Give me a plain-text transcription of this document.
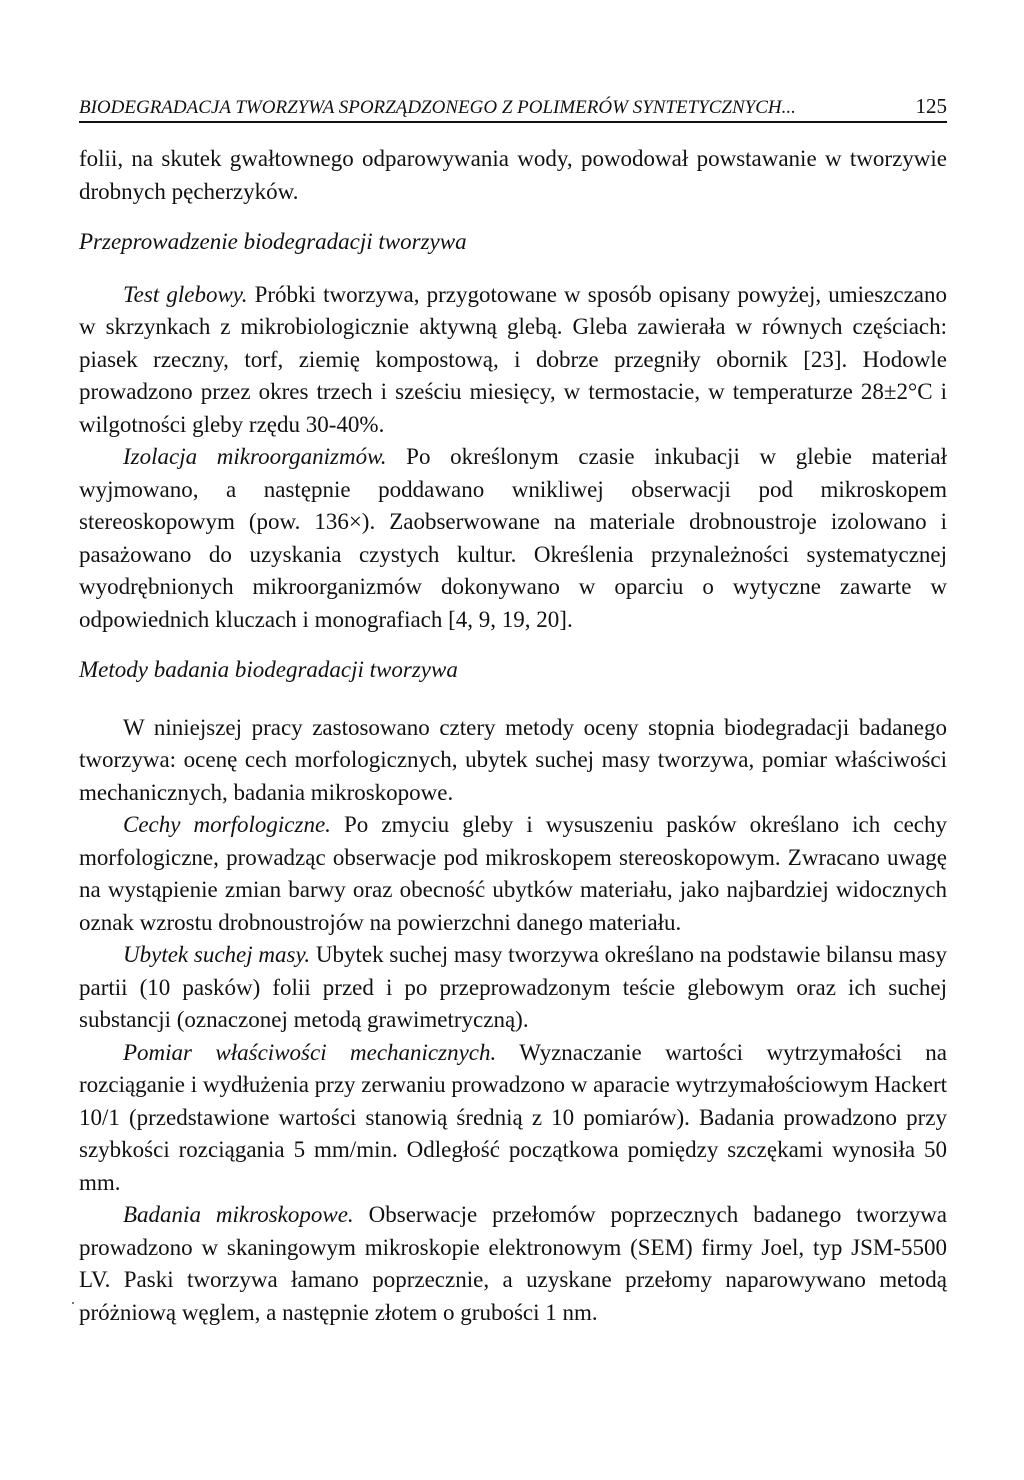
BIODEGRADACJA TWORZYWA SPORZĄDZONEGO Z POLIMERÓW SYNTETYCZNYCH...	125

folii, na skutek gwałtownego odparowywania wody, powodował powstawanie w tworzywie drobnych pęcherzyków.

Przeprowadzenie biodegradacji tworzywa

Test glebowy. Próbki tworzywa, przygotowane w sposób opisany powyżej, umieszczano w skrzynkach z mikrobiologicznie aktywną glebą. Gleba zawierała w równych częściach: piasek rzeczny, torf, ziemię kompostową, i dobrze przegniły obornik [23]. Hodowle prowadzono przez okres trzech i sześciu miesięcy, w termostacie, w temperaturze 28±2°C i wilgotności gleby rzędu 30-40%.

Izolacja mikroorganizmów. Po określonym czasie inkubacji w glebie materiał wyjmowano, a następnie poddawano wnikliwej obserwacji pod mikroskopem stereoskopowym (pow. 136×). Zaobserwowane na materiale drobnoustroje izolowano i pasażowano do uzyskania czystych kultur. Określenia przynależności systematycznej wyodrębnionych mikroorganizmów dokonywano w oparciu o wytyczne zawarte w odpowiednich kluczach i monografiach [4, 9, 19, 20].

Metody badania biodegradacji tworzywa

W niniejszej pracy zastosowano cztery metody oceny stopnia biodegradacji badanego tworzywa: ocenę cech morfologicznych, ubytek suchej masy tworzywa, pomiar właściwości mechanicznych, badania mikroskopowe.

Cechy morfologiczne. Po zmyciu gleby i wysuszeniu pasków określano ich cechy morfologiczne, prowadząc obserwacje pod mikroskopem stereoskopowym. Zwracano uwagę na wystąpienie zmian barwy oraz obecność ubytków materiału, jako najbardziej widocznych oznak wzrostu drobnoustrojów na powierzchni danego materiału.

Ubytek suchej masy. Ubytek suchej masy tworzywa określano na podstawie bilansu masy partii (10 pasków) folii przed i po przeprowadzonym teście glebowym oraz ich suchej substancji (oznaczonej metodą grawimetryczną).

Pomiar właściwości mechanicznych. Wyznaczanie wartości wytrzymałości na rozciąganie i wydłużenia przy zerwaniu prowadzono w aparacie wytrzymałościowym Hackert 10/1 (przedstawione wartości stanowią średnią z 10 pomiarów). Badania prowadzono przy szybkości rozciągania 5 mm/min. Odległość początkowa pomiędzy szczękami wynosiła 50 mm.

Badania mikroskopowe. Obserwacje przełomów poprzecznych badanego tworzywa prowadzono w skaningowym mikroskopie elektronowym (SEM) firmy Joel, typ JSM-5500 LV. Paski tworzywa łamano poprzecznie, a uzyskane przełomy naparowywano metodą próżniową węglem, a następnie złotem o grubości 1 nm.
